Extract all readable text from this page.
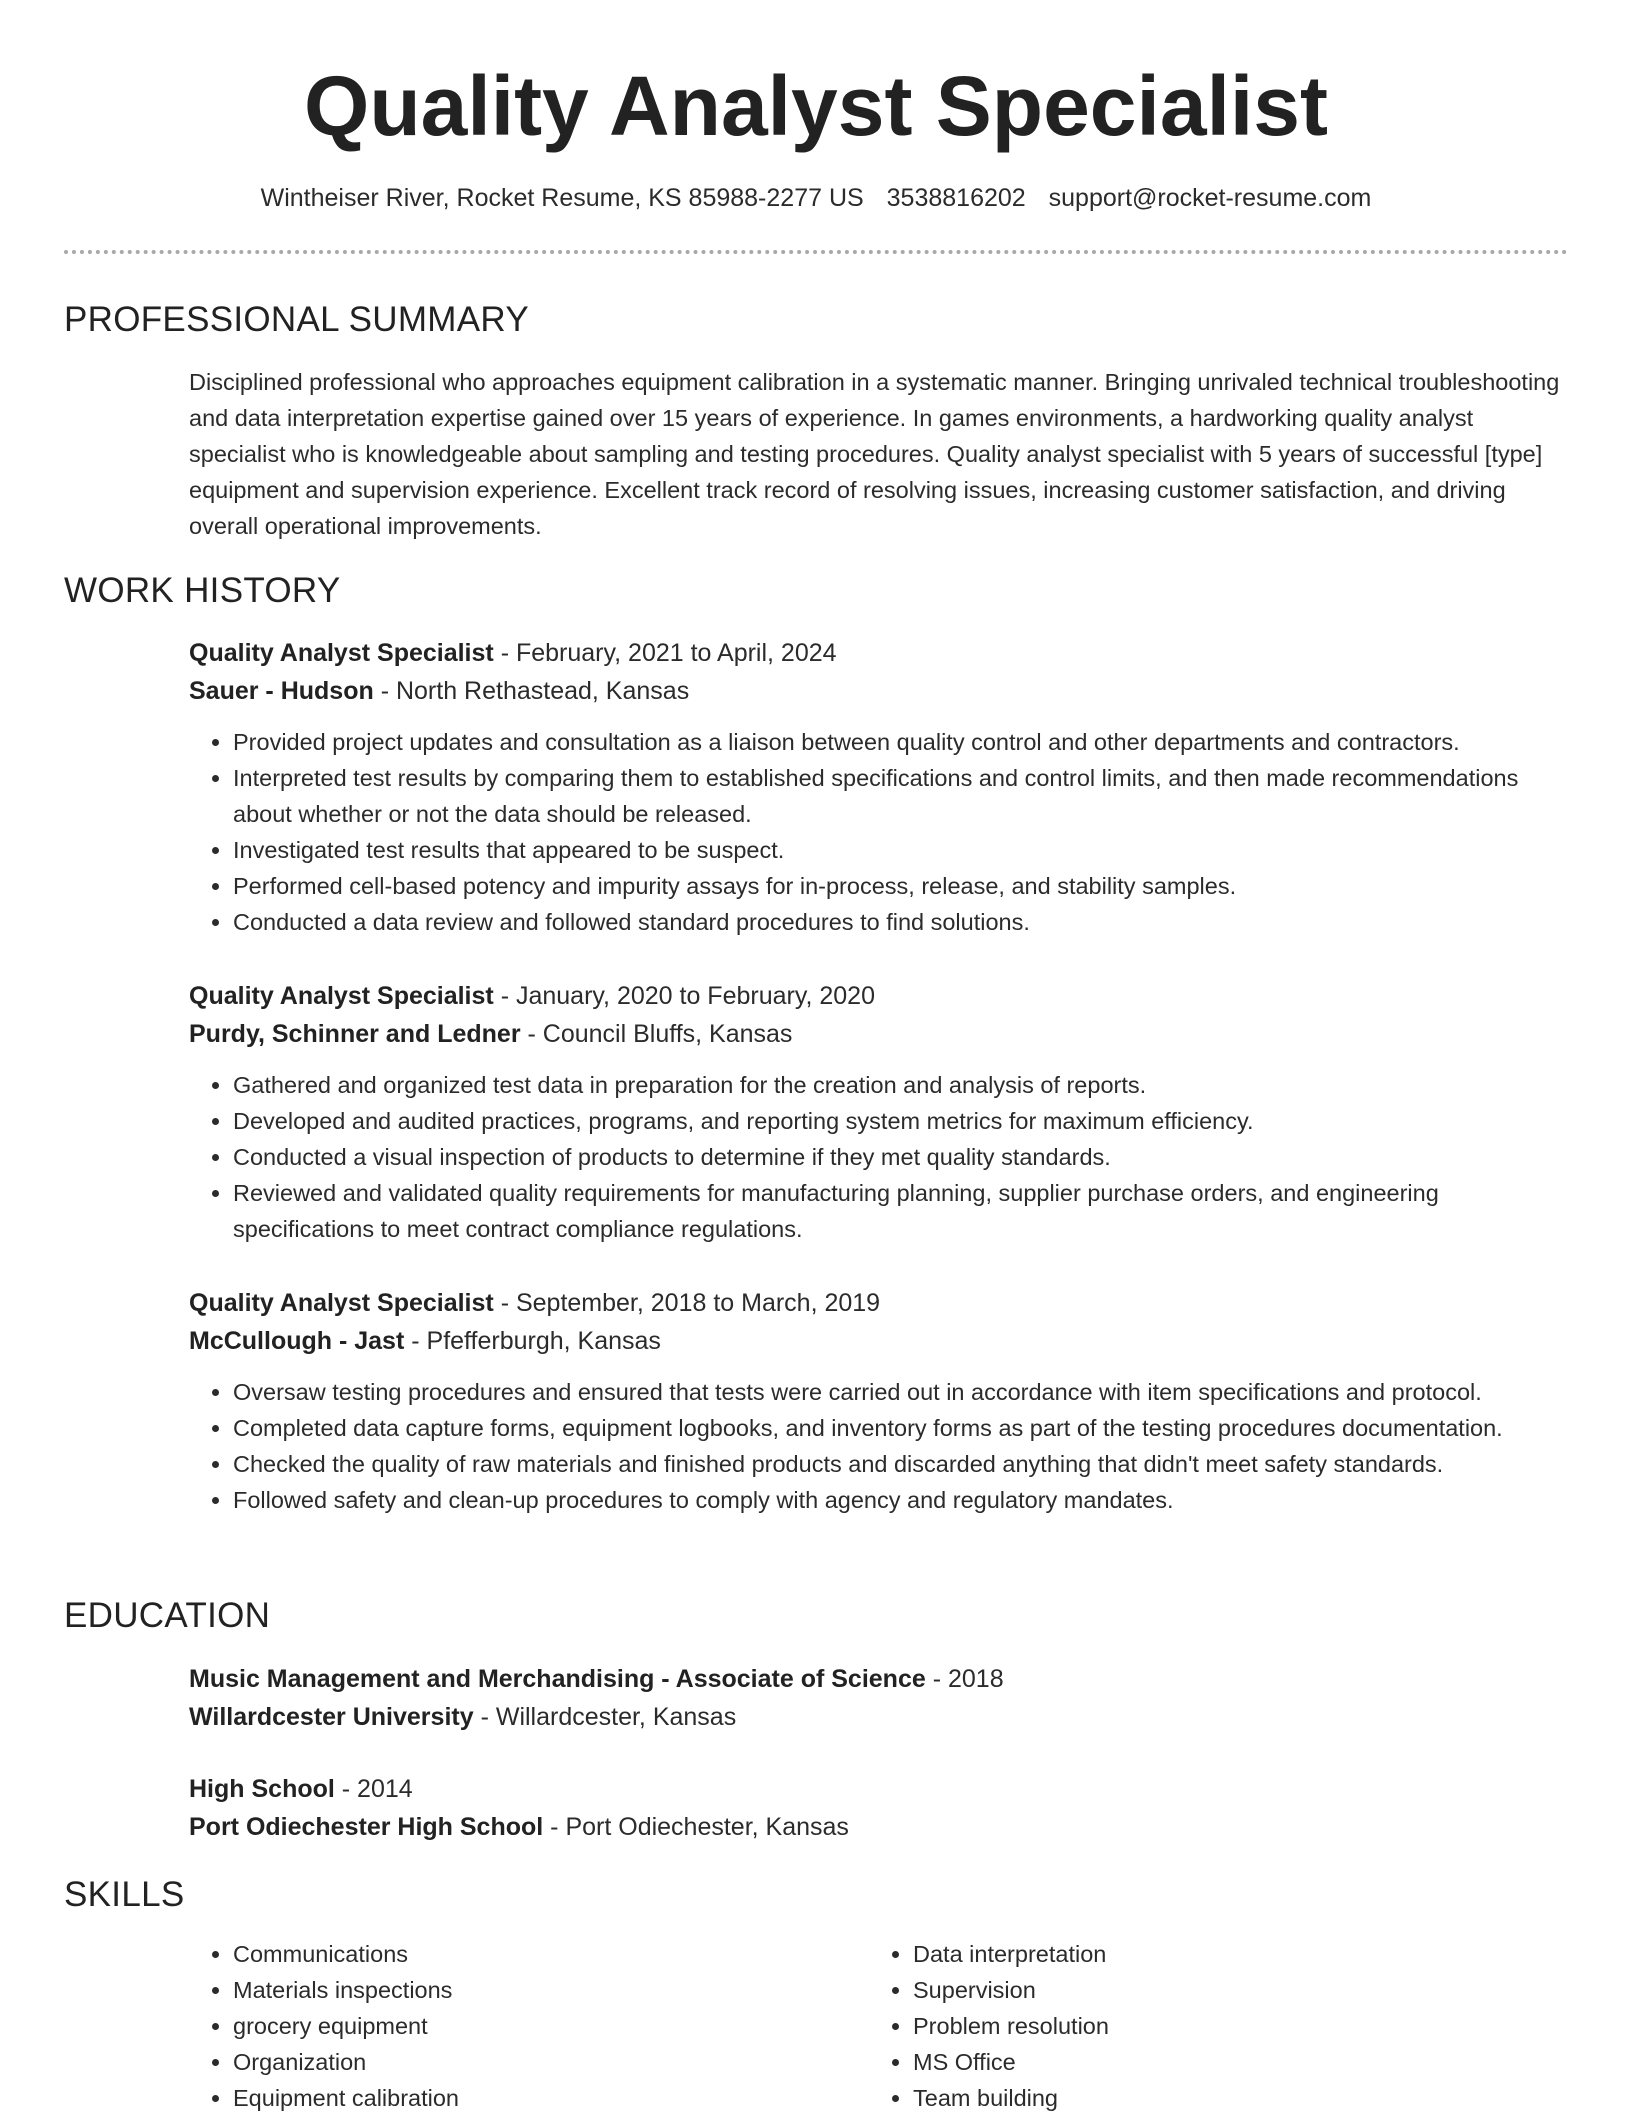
Quality Analyst Specialist
Wintheiser River, Rocket Resume, KS 85988-2277 US 3538816202 support@rocket-resume.com
PROFESSIONAL SUMMARY

Disciplined professional who approaches equipment calibration in a systematic manner. Bringing unrivaled technical troubleshooting and data interpretation expertise gained over 15 years of experience. In games environments, a hardworking quality analyst specialist who is knowledgeable about sampling and testing procedures. Quality analyst specialist with 5 years of successful [type] equipment and supervision experience. Excellent track record of resolving issues, increasing customer satisfaction, and driving overall operational improvements.

WORK HISTORY
Quality Analyst Specialist - February, 2021 to April, 2024
Sauer - Hudson - North Rethastead, Kansas
• Provided project updates and consultation as a liaison between quality control and other departments and contractors.
• Interpreted test results by comparing them to established specifications and control limits, and then made recommendations about whether or not the data should be released.
• Investigated test results that appeared to be suspect.
• Performed cell-based potency and impurity assays for in-process, release, and stability samples.
• Conducted a data review and followed standard procedures to find solutions.
Quality Analyst Specialist - January, 2020 to February, 2020
Purdy, Schinner and Ledner - Council Bluffs, Kansas
• Gathered and organized test data in preparation for the creation and analysis of reports.
• Developed and audited practices, programs, and reporting system metrics for maximum efficiency.
• Conducted a visual inspection of products to determine if they met quality standards.
• Reviewed and validated quality requirements for manufacturing planning, supplier purchase orders, and engineering specifications to meet contract compliance regulations.
Quality Analyst Specialist - September, 2018 to March, 2019
McCullough - Jast - Pfefferburgh, Kansas
• Oversaw testing procedures and ensured that tests were carried out in accordance with item specifications and protocol.
• Completed data capture forms, equipment logbooks, and inventory forms as part of the testing procedures documentation.
• Checked the quality of raw materials and finished products and discarded anything that didn't meet safety standards.
• Followed safety and clean-up procedures to comply with agency and regulatory mandates.
EDUCATION
Music Management and Merchandising - Associate of Science - 2018
Willardcester University - Willardcester, Kansas
High School - 2014
Port Odiechester High School - Port Odiechester, Kansas
SKILLS
• Communications
• Materials inspections
• grocery equipment
• Organization
• Equipment calibration
• Data interpretation
• Supervision
• Problem resolution
• MS Office
• Team building
